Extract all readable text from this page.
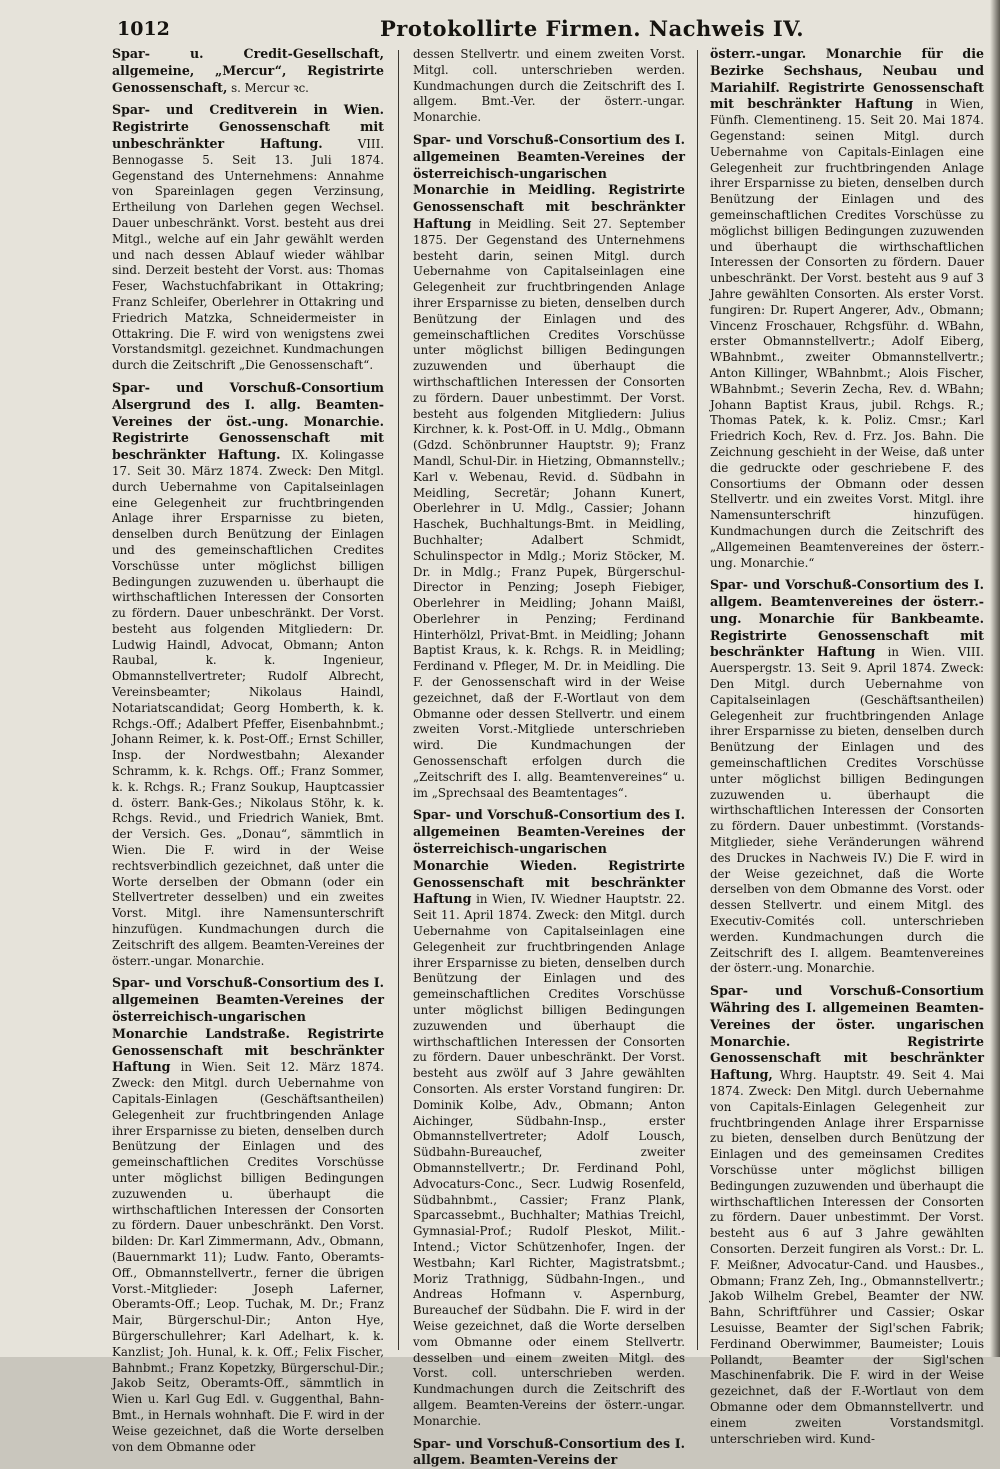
1012	Protokollirte Firmen. Nachweis IV.

Spar- u. Credit-Gesellschaft, allgemeine, „Mercur“, Registrirte Genossenschaft, s. Mercur ꝛc.

Spar- und Creditverein in Wien. Registrirte Genossenschaft mit unbeschränkter Haftung.	VIII. Bennogasse 5. Seit 13. Juli 1874. Gegenstand des Unternehmens: Annahme von Spareinlagen gegen Verzinsung, Ertheilung von Darlehen gegen Wechsel. Dauer unbeschränkt. Vorst. besteht aus drei Mitgl., welche auf ein Jahr gewählt werden und nach dessen Ablauf wieder wählbar sind. Derzeit besteht der Vorst. aus: Thomas Feser, Wachstuchfabrikant in Ottakring; Franz Schleifer, Oberlehrer in Ottakring und Friedrich Matzka, Schneidermeister in Ottakring. Die F. wird von wenigstens zwei Vorstandsmitgl. gezeichnet. Kundmachungen durch die Zeitschrift „Die Genossenschaft“.

Spar- und Vorschuß-Consortium Alsergrund des I. allg. Beamten-Vereines der öst.-ung. Monarchie. Registrirte Genossenschaft mit beschränkter Haftung. IX. Kolingasse 17. Seit 30. März 1874. Zweck: Den Mitgl. durch Uebernahme von Capitalseinlagen eine Gelegenheit zur fruchtbringenden Anlage ihrer Ersparnisse zu bieten, denselben durch Benützung der Einlagen und des gemeinschaftlichen Credites Vorschüsse unter möglichst billigen Bedingungen zuzuwenden u. überhaupt die wirthschaftlichen Interessen der Consorten zu fördern. Dauer unbeschränkt. Der Vorst. besteht aus folgenden Mitgliedern: Dr. Ludwig Haindl, Advocat, Obmann; Anton Raubal, k. k. Ingenieur, Obmannstellvertreter; Rudolf Albrecht, Vereinsbeamter; Nikolaus Haindl, Notariatscandidat; Georg Homberth, k. k. Rchgs.-Off.; Adalbert Pfeffer, Eisenbahnbmt.; Johann Reimer, k. k. Post-Off.; Ernst Schiller, Insp. der Nordwestbahn; Alexander Schramm, k. k. Rchgs. Off.; Franz Sommer, k. k. Rchgs. R.; Franz Soukup, Hauptcassier d. österr. Bank-Ges.; Nikolaus Stöhr, k. k. Rchgs. Revid., und Friedrich Waniek, Bmt. der Versich. Ges. „Donau“, sämmtlich in Wien. Die F. wird in der Weise rechtsverbindlich gezeichnet, daß unter die Worte derselben der Obmann (oder ein Stellvertreter desselben) und ein zweites Vorst. Mitgl. ihre Namensunterschrift hinzufügen. Kundmachungen durch die Zeitschrift des allgem. Beamten-Vereines der österr.-ungar. Monarchie.

Spar- und Vorschuß-Consortium des I. allgemeinen Beamten-Vereines der österreichisch-ungarischen Monarchie Landstraße. Registrirte Genossenschaft mit beschränkter Haftung in Wien. Seit 12. März 1874. Zweck: den Mitgl. durch Uebernahme von Capitals-Einlagen (Geschäftsantheilen) Gelegenheit zur fruchtbringenden Anlage ihrer Ersparnisse zu bieten, denselben durch Benützung der Einlagen und des gemeinschaftlichen Credites Vorschüsse unter möglichst billigen Bedingungen zuzuwenden u. überhaupt die wirthschaftlichen Interessen der Consorten zu fördern. Dauer unbeschränkt. Den Vorst. bilden: Dr. Karl Zimmermann, Adv., Obmann, (Bauernmarkt 11); Ludw. Fanto, Oberamts-Off., Obmannstellvertr., ferner die übrigen Vorst.-Mitglieder: Joseph Laferner, Oberamts-Off.; Leop. Tuchak, M. Dr.; Franz Mair, Bürgerschul-Dir.; Anton Hye, Bürgerschullehrer; Karl Adelhart, k. k. Kanzlist; Joh. Hunal, k. k. Off.; Felix Fischer, Bahnbmt.; Franz Kopetzky, Bürgerschul-Dir.; Jakob Seitz, Oberamts-Off., sämmtlich in Wien u. Karl Gug Edl. v. Guggenthal, Bahn-Bmt., in Hernals wohnhaft. Die F. wird in der Weise gezeichnet, daß die Worte derselben von dem Obmanne oder

dessen Stellvertr. und einem zweiten Vorst. Mitgl. coll. unterschrieben werden. Kundmachungen durch die Zeitschrift des I. allgem. Bmt.-Ver. der österr.-ungar. Monarchie.

Spar- und Vorschuß-Consortium des I. allgemeinen Beamten-Vereines der österreichisch-ungarischen Monarchie in Meidling. Registrirte Genossenschaft mit beschränkter Haftung in Meidling. Seit 27. September 1875. Der Gegenstand des Unternehmens besteht darin, seinen Mitgl. durch Uebernahme von Capitalseinlagen eine Gelegenheit zur fruchtbringenden Anlage ihrer Ersparnisse zu bieten, denselben durch Benützung der Einlagen und des gemeinschaftlichen Credites Vorschüsse unter möglichst billigen Bedingungen zuzuwenden und überhaupt die wirthschaftlichen Interessen der Consorten zu fördern. Dauer unbestimmt. Der Vorst. besteht aus folgenden Mitgliedern: Julius Kirchner, k. k. Post-Off. in U. Mdlg., Obmann (Gdzd. Schönbrunner Hauptstr. 9); Franz Mandl, Schul-Dir. in Hietzing, Obmannstellv.; Karl v. Webenau, Revid. d. Südbahn in Meidling, Secretär; Johann Kunert, Oberlehrer in U. Mdlg., Cassier; Johann Haschek, Buchhaltungs-Bmt. in Meidling, Buchhalter; Adalbert Schmidt, Schulinspector in Mdlg.; Moriz Stöcker, M. Dr. in Mdlg.; Franz Pupek, Bürgerschul-Director in Penzing; Joseph Fiebiger, Oberlehrer in Meidling; Johann Maißl, Oberlehrer in Penzing; Ferdinand Hinterhölzl, Privat-Bmt. in Meidling; Johann Baptist Kraus, k. k. Rchgs. R. in Meidling; Ferdinand v. Pfleger, M. Dr. in Meidling. Die F. der Genossenschaft wird in der Weise gezeichnet, daß der F.-Wortlaut von dem Obmanne oder dessen Stellvertr. und einem zweiten Vorst.-Mitgliede unterschrieben wird. Die Kundmachungen der Genossenschaft erfolgen durch die „Zeitschrift des I. allg. Beamtenvereines“ u. im „Sprechsaal des Beamtentages“.

Spar- und Vorschuß-Consortium des I. allgemeinen Beamten-Vereines der österreichisch-ungarischen Monarchie Wieden. Registrirte Genossenschaft mit beschränkter Haftung in Wien, IV. Wiedner Hauptstr. 22. Seit 11. April 1874. Zweck: den Mitgl. durch Uebernahme von Capitalseinlagen eine Gelegenheit zur fruchtbringenden Anlage ihrer Ersparnisse zu bieten, denselben durch Benützung der Einlagen und des gemeinschaftlichen Credites Vorschüsse unter möglichst billigen Bedingungen zuzuwenden und überhaupt die wirthschaftlichen Interessen der Consorten zu fördern. Dauer unbeschränkt. Der Vorst. besteht aus zwölf auf 3 Jahre gewählten Consorten. Als erster Vorstand fungiren: Dr. Dominik Kolbe, Adv., Obmann; Anton Aichinger, Südbahn-Insp., erster Obmannstellvertreter; Adolf Lousch, Südbahn-Bureauchef, zweiter Obmannstellvertr.; Dr. Ferdinand Pohl, Advocaturs-Conc., Secr. Ludwig Rosenfeld, Südbahnbmt., Cassier; Franz Plank, Sparcassebmt., Buchhalter; Mathias Treichl, Gymnasial-Prof.; Rudolf Pleskot, Milit.-Intend.; Victor Schützenhofer, Ingen. der Westbahn; Karl Richter, Magistratsbmt.; Moriz Trathnigg, Südbahn-Ingen., und Andreas Hofmann v. Aspernburg, Bureauchef der Südbahn. Die F. wird in der Weise gezeichnet, daß die Worte derselben vom Obmanne oder einem Stellvertr. desselben und einem zweiten Mitgl. des Vorst. coll. unterschrieben werden. Kundmachungen durch die Zeitschrift des allgem. Beamten-Vereins der österr.-ungar. Monarchie.

Spar- und Vorschuß-Consortium des I. allgem. Beamten-Vereins der

österr.-ungar. Monarchie für die Bezirke Sechshaus, Neubau und Mariahilf. Registrirte Genossenschaft mit beschränkter Haftung in Wien, Fünfh. Clementineng. 15. Seit 20. Mai 1874. Gegenstand: seinen Mitgl. durch Uebernahme von Capitals-Einlagen eine Gelegenheit zur fruchtbringenden Anlage ihrer Ersparnisse zu bieten, denselben durch Benützung der Einlagen und des gemeinschaftlichen Credites Vorschüsse zu möglichst billigen Bedingungen zuzuwenden und überhaupt die wirthschaftlichen Interessen der Consorten zu fördern. Dauer unbeschränkt. Der Vorst. besteht aus 9 auf 3 Jahre gewählten Consorten. Als erster Vorst. fungiren: Dr. Rupert Angerer, Adv., Obmann; Vincenz Froschauer, Rchgsführ. d. WBahn, erster Obmannstellvertr.; Adolf Eiberg, WBahnbmt., zweiter Obmannstellvertr.; Anton Killinger, WBahnbmt.; Alois Fischer, WBahnbmt.; Severin Zecha, Rev. d. WBahn; Johann Baptist Kraus, jubil. Rchgs. R.; Thomas Patek, k. k. Poliz. Cmsr.; Karl Friedrich Koch, Rev. d. Frz. Jos. Bahn. Die Zeichnung geschieht in der Weise, daß unter die gedruckte oder geschriebene F. des Consortiums der Obmann oder dessen Stellvertr. und ein zweites Vorst. Mitgl. ihre Namensunterschrift hinzufügen. Kundmachungen durch die Zeitschrift des „Allgemeinen Beamtenvereines der österr.-ung. Monarchie.“

Spar- und Vorschuß-Consortium des I. allgem. Beamtenvereines der österr.-ung. Monarchie für Bankbeamte. Registrirte Genossenschaft mit beschränkter Haftung in Wien. VIII. Auerspergstr. 13. Seit 9. April 1874. Zweck: Den Mitgl. durch Uebernahme von Capitalseinlagen (Geschäftsantheilen) Gelegenheit zur fruchtbringenden Anlage ihrer Ersparnisse zu bieten, denselben durch Benützung der Einlagen und des gemeinschaftlichen Credites Vorschüsse unter möglichst billigen Bedingungen zuzuwenden u. überhaupt die wirthschaftlichen Interessen der Consorten zu fördern. Dauer unbestimmt. (Vorstands-Mitglieder, siehe Veränderungen während des Druckes in Nachweis IV.) Die F. wird in der Weise gezeichnet, daß die Worte derselben von dem Obmanne des Vorst. oder dessen Stellvertr. und einem Mitgl. des Executiv-Comités coll. unterschrieben werden. Kundmachungen durch die Zeitschrift des I. allgem. Beamtenvereines der österr.-ung. Monarchie.

Spar- und Vorschuß-Consortium Währing des I. allgemeinen Beamten-Vereines der öster. ungarischen Monarchie. Registrirte Genossenschaft mit beschränkter Haftung, Whrg. Hauptstr. 49. Seit 4. Mai 1874. Zweck: Den Mitgl. durch Uebernahme von Capitals-Einlagen Gelegenheit zur fruchtbringenden Anlage ihrer Ersparnisse zu bieten, denselben durch Benützung der Einlagen und des gemeinsamen Credites Vorschüsse unter möglichst billigen Bedingungen zuzuwenden und überhaupt die wirthschaftlichen Interessen der Consorten zu fördern. Dauer unbestimmt. Der Vorst. besteht aus 6 auf 3 Jahre gewählten Consorten. Derzeit fungiren als Vorst.: Dr. L. F. Meißner, Advocatur-Cand. und Hausbes., Obmann; Franz Zeh, Ing., Obmannstellvertr.; Jakob Wilhelm Grebel, Beamter der NW. Bahn, Schriftführer und Cassier; Oskar Lesuisse, Beamter der Sigl'schen Fabrik; Ferdinand Oberwimmer, Baumeister; Louis Pollandt, Beamter der Sigl'schen Maschinenfabrik. Die F. wird in der Weise gezeichnet, daß der F.-Wortlaut von dem Obmanne oder dem Obmannstellvertr. und einem zweiten Vorstandsmitgl. unterschrieben wird. Kund-
